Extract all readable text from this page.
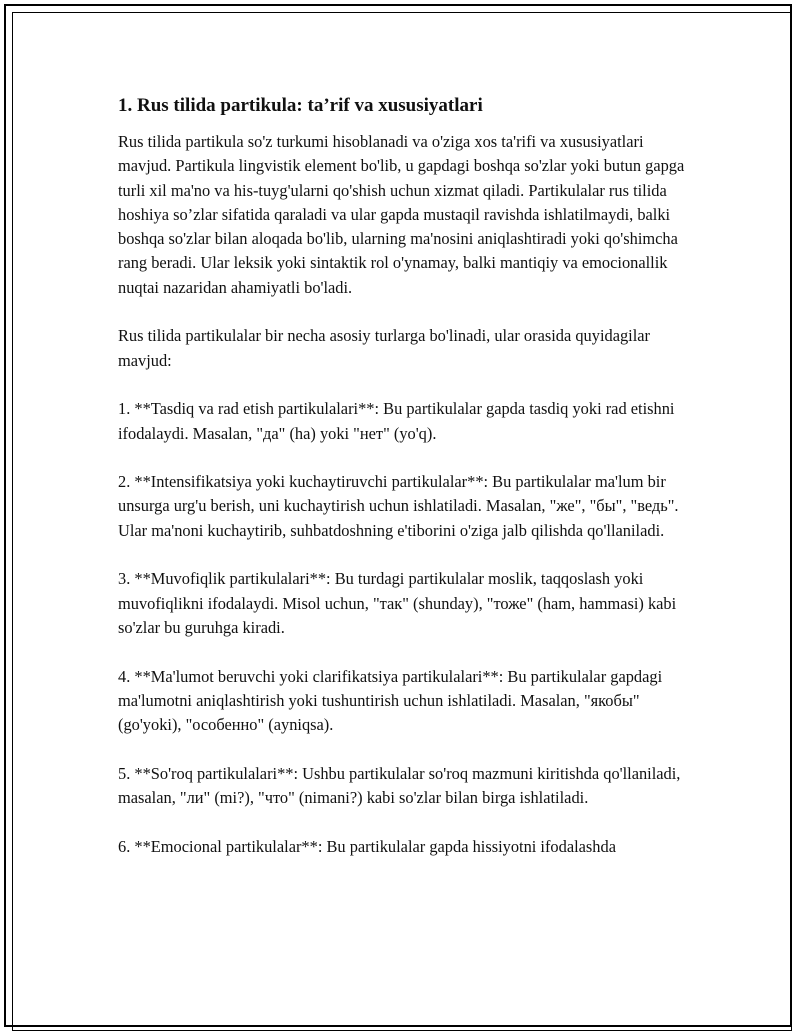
1. Rus tilida partikula: ta’rif va xususiyatlari
Rus tilida partikula so'z turkumi hisoblanadi va o'ziga xos ta'rifi va xususiyatlari mavjud. Partikula lingvistik element bo'lib, u gapdagi boshqa so'zlar yoki butun gapga turli xil ma'no va his-tuyg'ularni qo'shish uchun xizmat qiladi. Partikulalar rus tilida hoshiya so’zlar sifatida qaraladi va ular gapda mustaqil ravishda ishlatilmaydi, balki boshqa so'zlar bilan aloqada bo'lib, ularning ma'nosini aniqlashtiradi yoki qo'shimcha rang beradi. Ular leksik yoki sintaktik rol o'ynamay, balki mantiqiy va emocionallik nuqtai nazaridan ahamiyatli bo'ladi.
Rus tilida partikulalar bir necha asosiy turlarga bo'linadi, ular orasida quyidagilar mavjud:
1. **Tasdiq va rad etish partikulalari**: Bu partikulalar gapda tasdiq yoki rad etishni ifodalaydi. Masalan, "да" (ha) yoki "нет" (yo'q).
2. **Intensifikatsiya yoki kuchaytiruvchi partikulalar**: Bu partikulalar ma'lum bir unsurga urg'u berish, uni kuchaytirish uchun ishlatiladi. Masalan, "же", "бы", "ведь". Ular ma'noni kuchaytirib, suhbatdoshning e'tiborini o'ziga jalb qilishda qo'llaniladi.
3. **Muvofiqlik partikulalari**: Bu turdagi partikulalar moslik, taqqoslash yoki muvofiqlikni ifodalaydi. Misol uchun, "так" (shunday), "тоже" (ham, hammasi) kabi so'zlar bu guruhga kiradi.
4. **Ma'lumot beruvchi yoki clarifikatsiya partikulalari**: Bu partikulalar gapdagi ma'lumotni aniqlashtirish yoki tushuntirish uchun ishlatiladi. Masalan, "якобы" (go'yoki), "особенно" (ayniqsa).
5. **So'roq partikulalari**: Ushbu partikulalar so'roq mazmuni kiritishda qo'llaniladi, masalan, "ли" (mi?), "что" (nimani?) kabi so'zlar bilan birga ishlatiladi.
6. **Emocional partikulalar**: Bu partikulalar gapda hissiyotni ifodalashda
